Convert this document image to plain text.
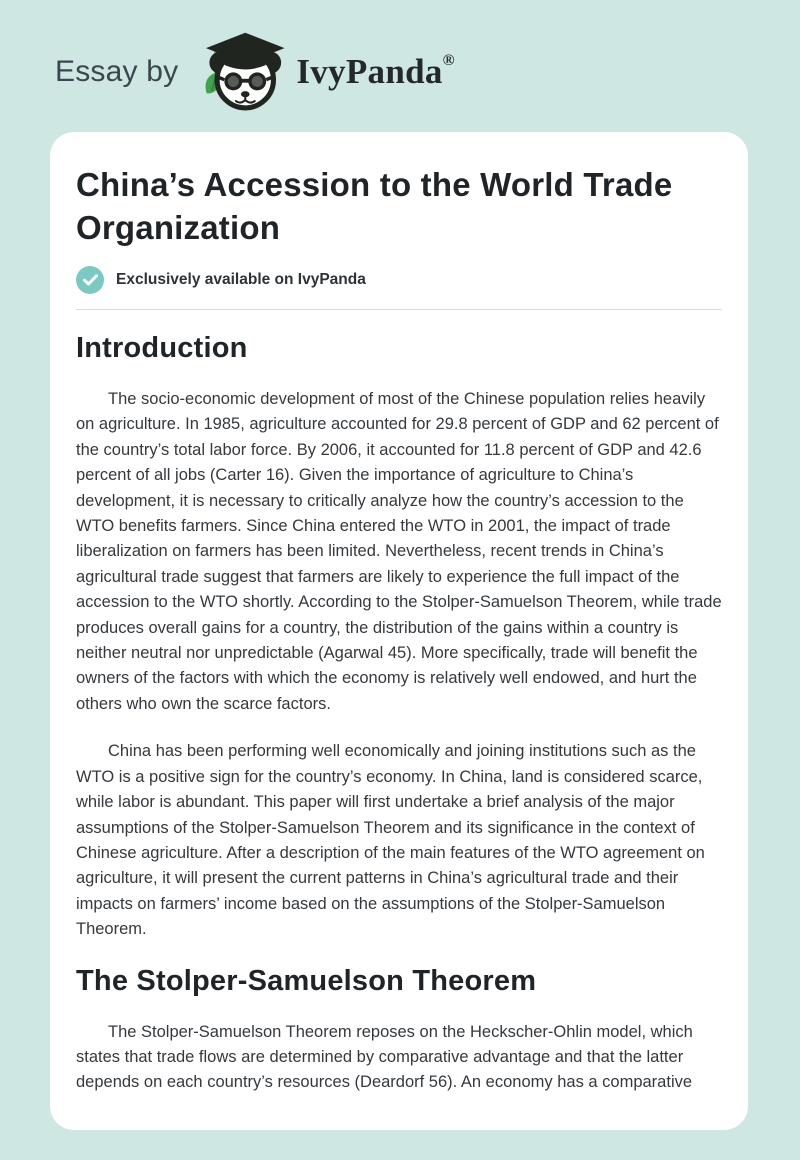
Essay by	IvyPanda®
China’s Accession to the World Trade Organization
Exclusively available on IvyPanda
Introduction

The socio-economic development of most of the Chinese population relies heavily on agriculture. In 1985, agriculture accounted for 29.8 percent of GDP and 62 percent of the country’s total labor force. By 2006, it accounted for 11.8 percent of GDP and 42.6 percent of all jobs (Carter 16). Given the importance of agriculture to China’s development, it is necessary to critically analyze how the country’s accession to the WTO benefits farmers. Since China entered the WTO in 2001, the impact of trade liberalization on farmers has been limited. Nevertheless, recent trends in China’s agricultural trade suggest that farmers are likely to experience the full impact of the accession to the WTO shortly. According to the Stolper-Samuelson Theorem, while trade produces overall gains for a country, the distribution of the gains within a country is neither neutral nor unpredictable (Agarwal 45). More specifically, trade will benefit the owners of the factors with which the economy is relatively well endowed, and hurt the others who own the scarce factors.

China has been performing well economically and joining institutions such as the WTO is a positive sign for the country’s economy. In China, land is considered scarce, while labor is abundant. This paper will first undertake a brief analysis of the major assumptions of the Stolper-Samuelson Theorem and its significance in the context of Chinese agriculture. After a description of the main features of the WTO agreement on agriculture, it will present the current patterns in China’s agricultural trade and their impacts on farmers’ income based on the assumptions of the Stolper-Samuelson Theorem.

The Stolper-Samuelson Theorem

The Stolper-Samuelson Theorem reposes on the Heckscher-Ohlin model, which states that trade flows are determined by comparative advantage and that the latter depends on each country’s resources (Deardorf 56). An economy has a comparative
